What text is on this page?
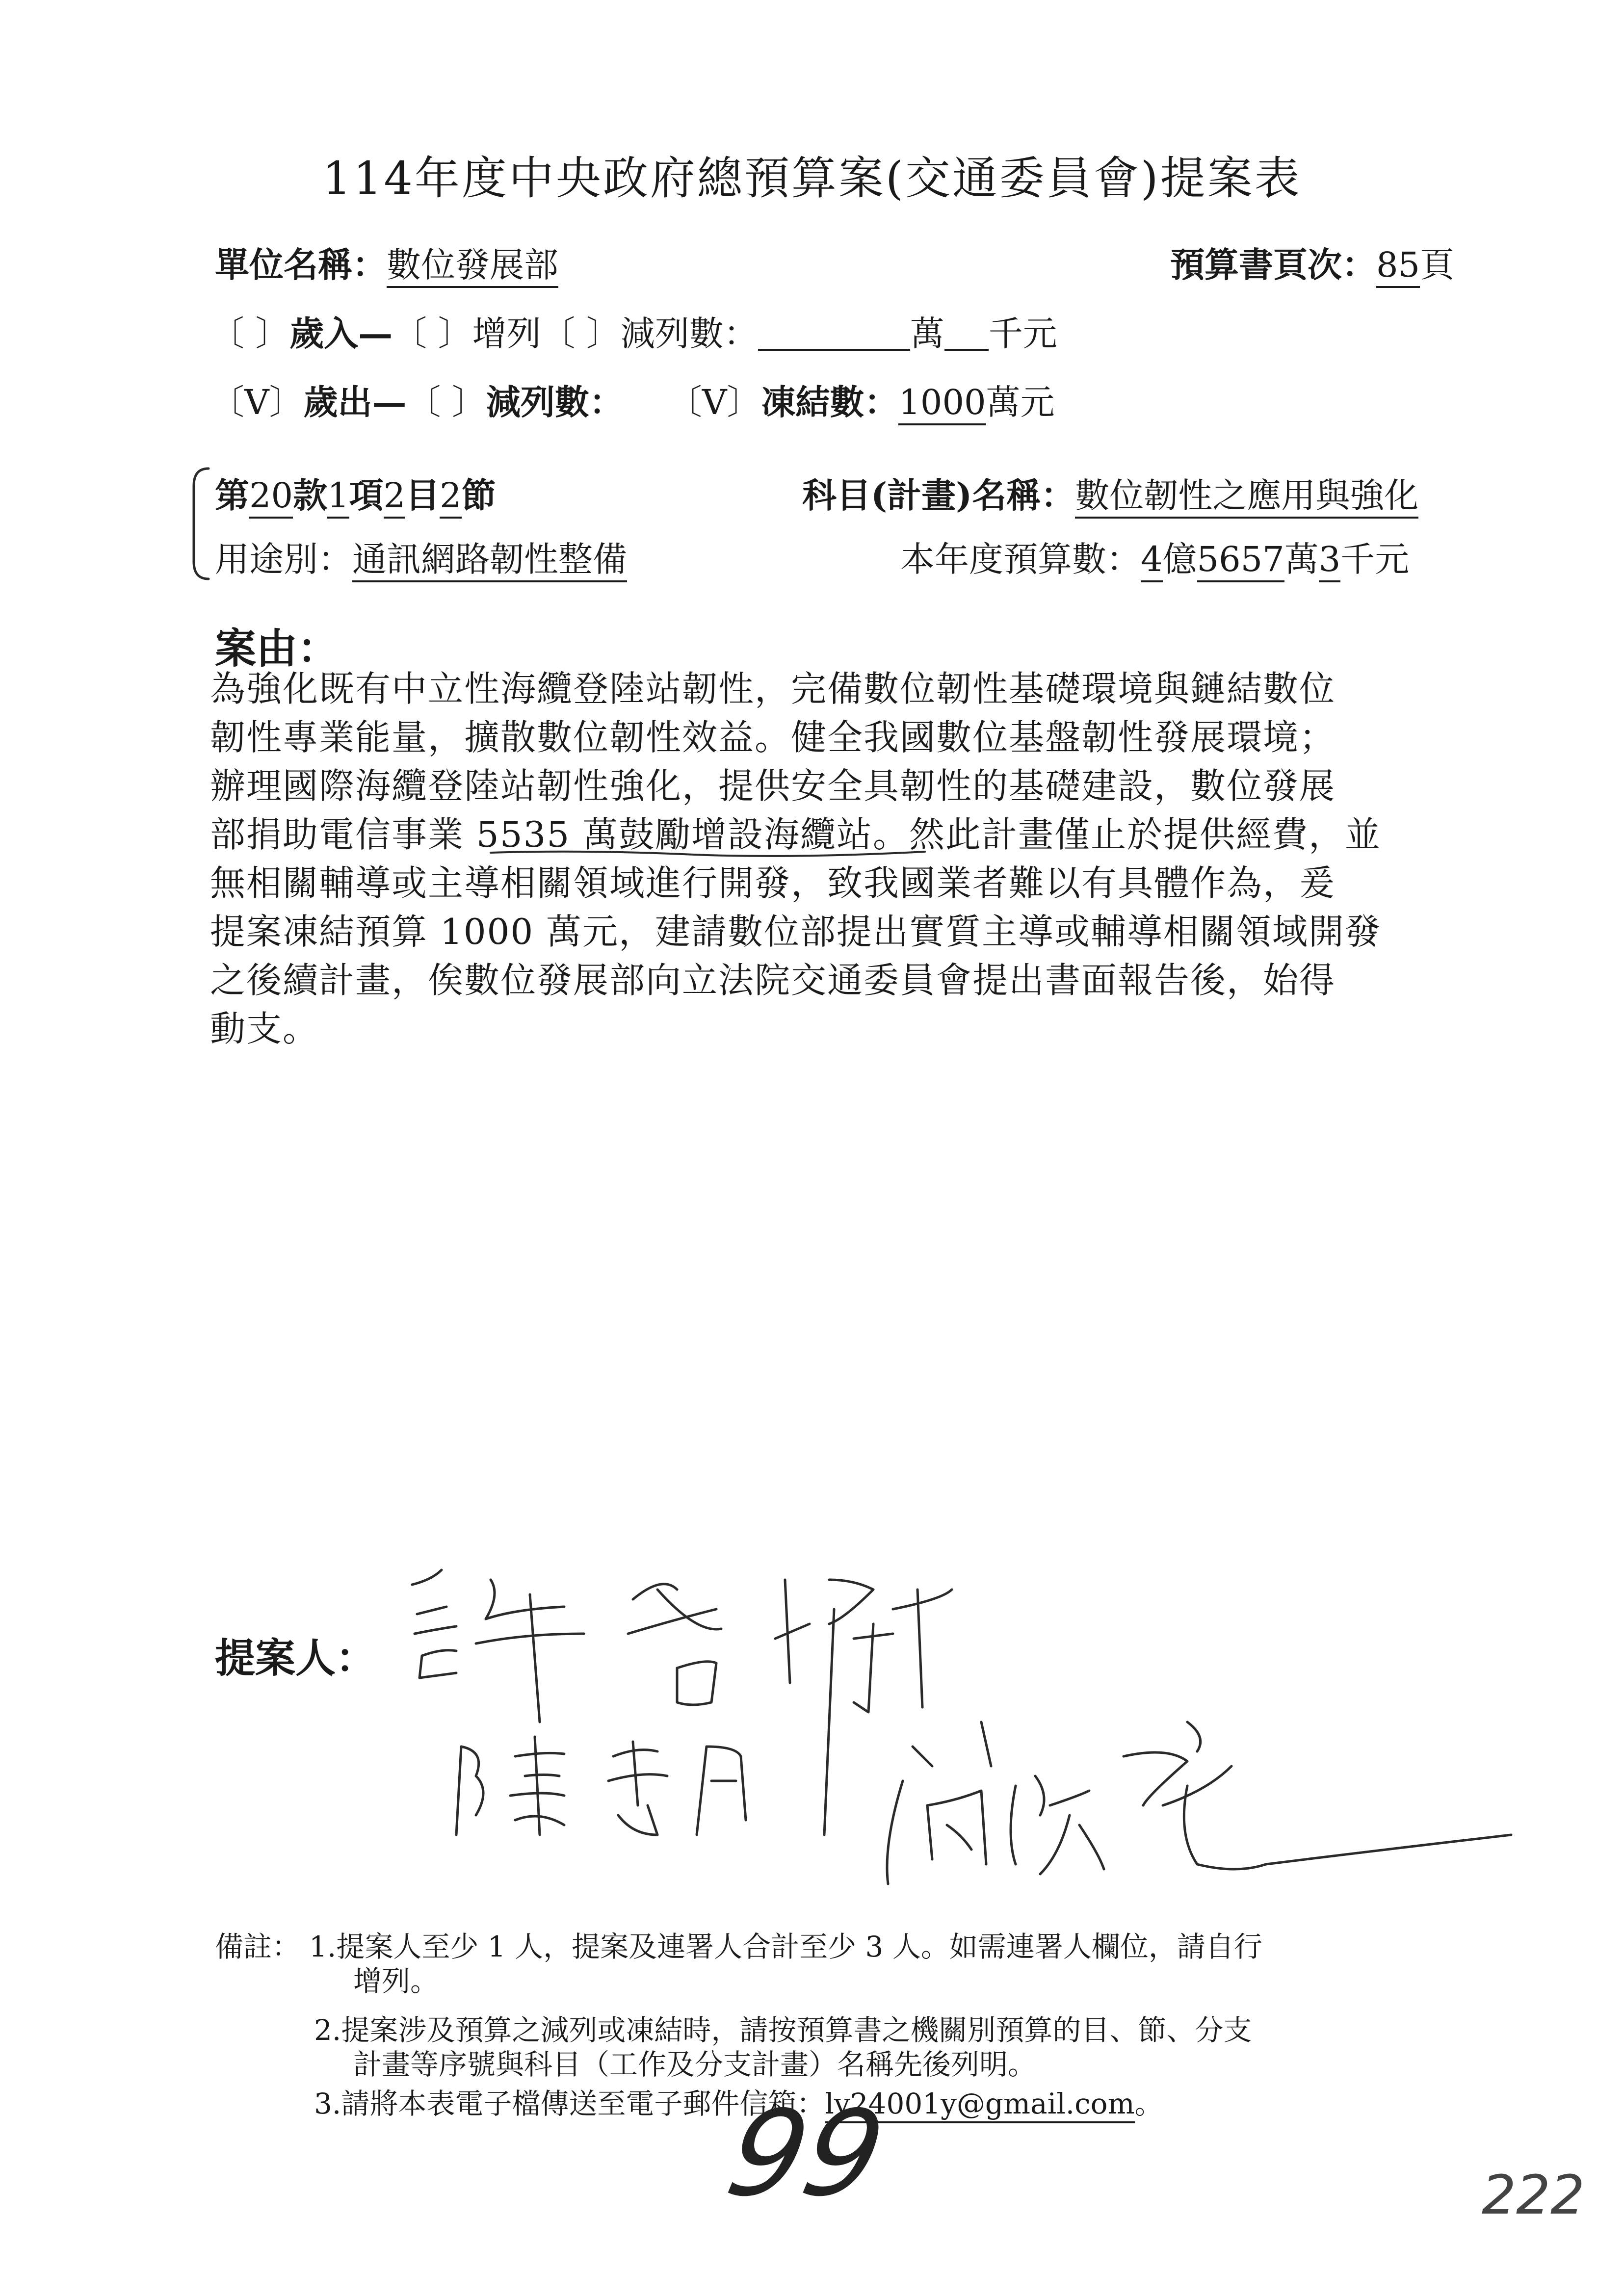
114年度中央政府總預算案(交通委員會)提案表
單位名稱：數位發展部	預算書頁次：85頁
〔 〕歲入—〔 〕增列〔 〕減列數：	萬 千元
〔V〕歲出—〔 〕減列數： 〔V〕凍結數：1000萬元
第20款1項2目2節	科目(計畫)名稱：數位韌性之應用與強化
用途別：通訊網路韌性整備	本年度預算數：4億5657萬3千元
案由：
為強化既有中立性海纜登陸站韌性，完備數位韌性基礎環境與鏈結數位
韌性專業能量，擴散數位韌性效益。健全我國數位基盤韌性發展環境；
辦理國際海纜登陸站韌性強化，提供安全具韌性的基礎建設，數位發展
部捐助電信事業 5535 萬鼓勵增設海纜站。然此計畫僅止於提供經費，並
無相關輔導或主導相關領域進行開發，致我國業者難以有具體作為，爰
提案凍結預算 1000 萬元，建請數位部提出實質主導或輔導相關領域開發
之後續計畫，俟數位發展部向立法院交通委員會提出書面報告後，始得
動支。
提案人：
備註： 1.提案人至少 1 人，提案及連署人合計至少 3 人。如需連署人欄位，請自行
增列。
2.提案涉及預算之減列或凍結時，請按預算書之機關別預算的目、節、分支
計畫等序號與科目（工作及分支計畫）名稱先後列明。
3.請將本表電子檔傳送至電子郵件信箱：ly24001y@gmail.com。
99	222
